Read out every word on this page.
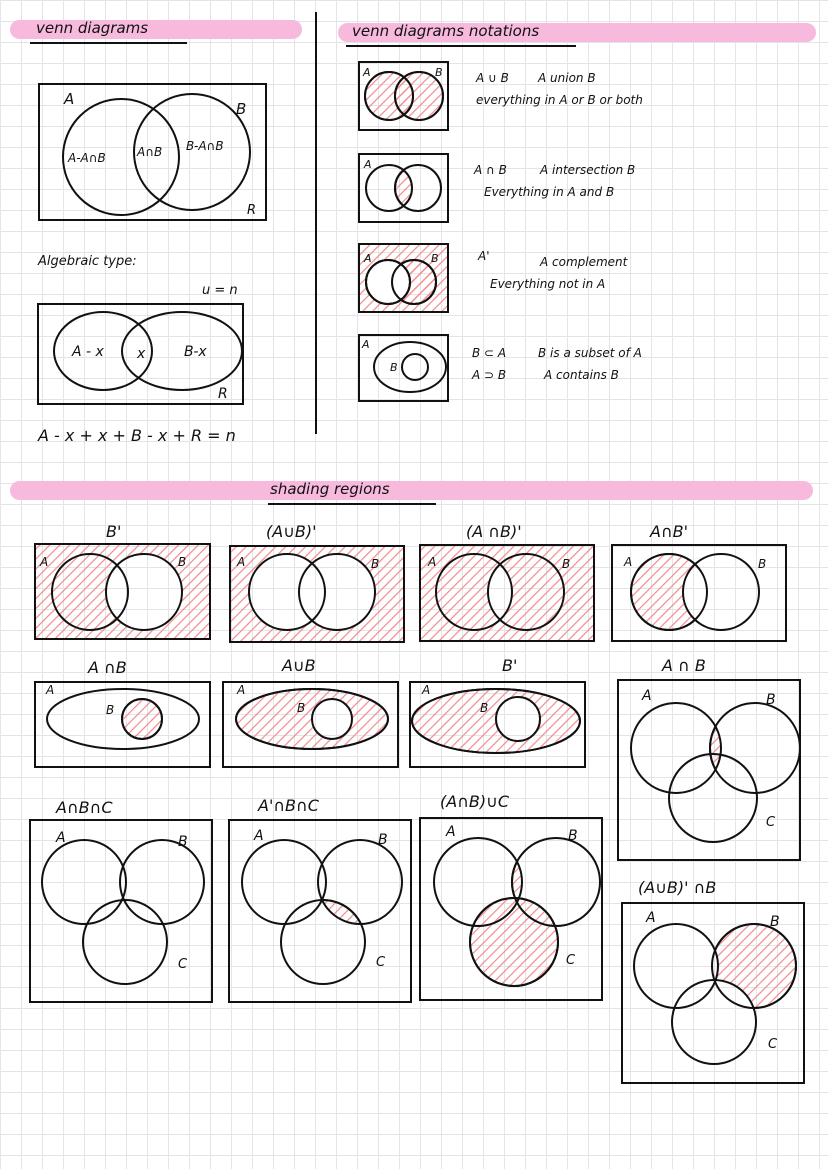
venn diagrams	venn diagrams notations
shading regions
Algebraic type:
u = n
A - x + x + B - x + R = n
A ∪ B A union B
everything in A or B or both
A ∩ B	A intersection B
Everything in A and B
A'	A complement
Everything not in A
B ⊂ A	B is a subset of A
A ⊃ B	A contains B
B'	(A∪B)'	(A ∩B)'	A∩B'
A ∩B	A∪B	B'	A ∩ B
A∩B∩C	A'∩B∩C	(A∩B)∪C
(A∪B)' ∩B
A
B
A-A∩B	A∩B B-A∩B
R
A - x x	B-x
R
A	B
A
A	B
A
B
A	B	A	B	A	B	A	B
A
B
A
B
A
B
A	B
C
A	B
C
A	B
C
A	B
C
A	B
C
